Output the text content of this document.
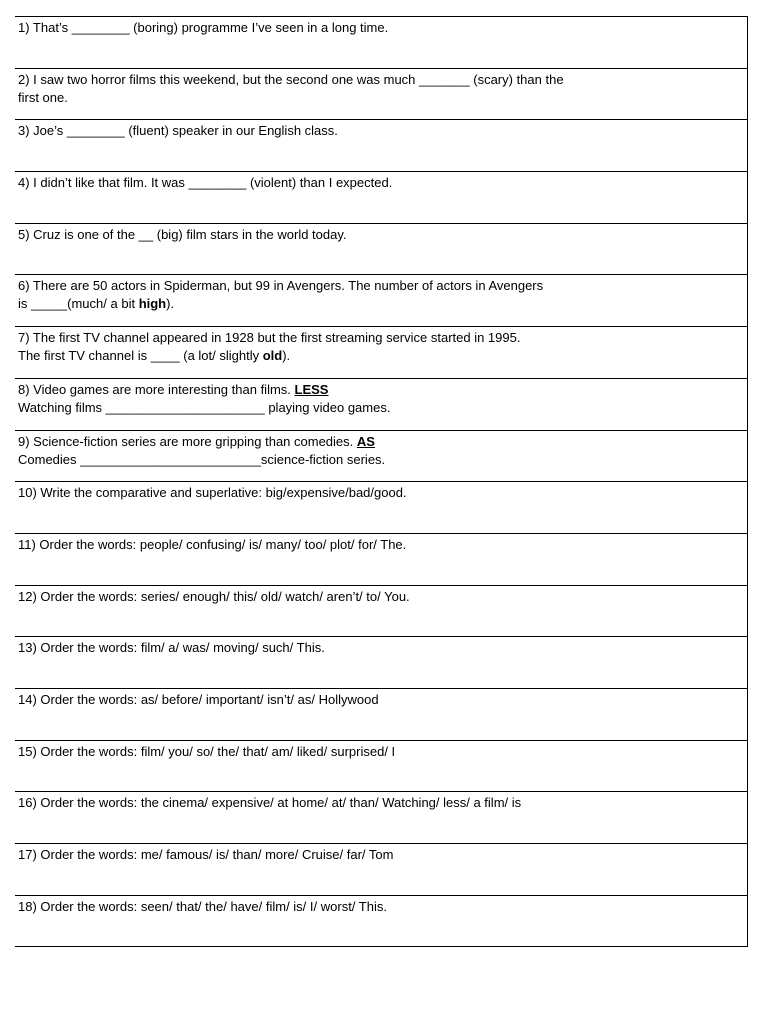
1) That’s ________ (boring) programme I’ve seen in a long time.
2) I saw two horror films this weekend, but the second one was much _______ (scary) than the
first one.
3) Joe’s ________ (fluent) speaker in our English class.
4) I didn’t like that film. It was ________ (violent) than I expected.
5) Cruz is one of the __ (big) film stars in the world today.
6) There are 50 actors in Spiderman, but 99 in Avengers. The number of actors in Avengers
is _____(much/ a bit high).
7) The first TV channel appeared in 1928 but the first streaming service started in 1995.
The first TV channel is ____ (a lot/ slightly old).
8) Video games are more interesting than films. LESS
Watching films ______________________ playing video games.
9) Science-fiction series are more gripping than comedies. AS
Comedies _________________________science-fiction series.
10) Write the comparative and superlative: big/expensive/bad/good.
11) Order the words: people/ confusing/ is/ many/ too/ plot/ for/ The.
12) Order the words: series/ enough/ this/ old/ watch/ aren’t/ to/ You.
13) Order the words: film/ a/ was/ moving/ such/ This.
14) Order the words: as/ before/ important/ isn’t/ as/ Hollywood
15) Order the words: film/ you/ so/ the/ that/ am/ liked/ surprised/ I
16) Order the words: the cinema/ expensive/ at home/ at/ than/ Watching/ less/ a film/ is
17) Order the words: me/ famous/ is/ than/ more/ Cruise/ far/ Tom
18) Order the words: seen/ that/ the/ have/ film/ is/ I/ worst/ This.
